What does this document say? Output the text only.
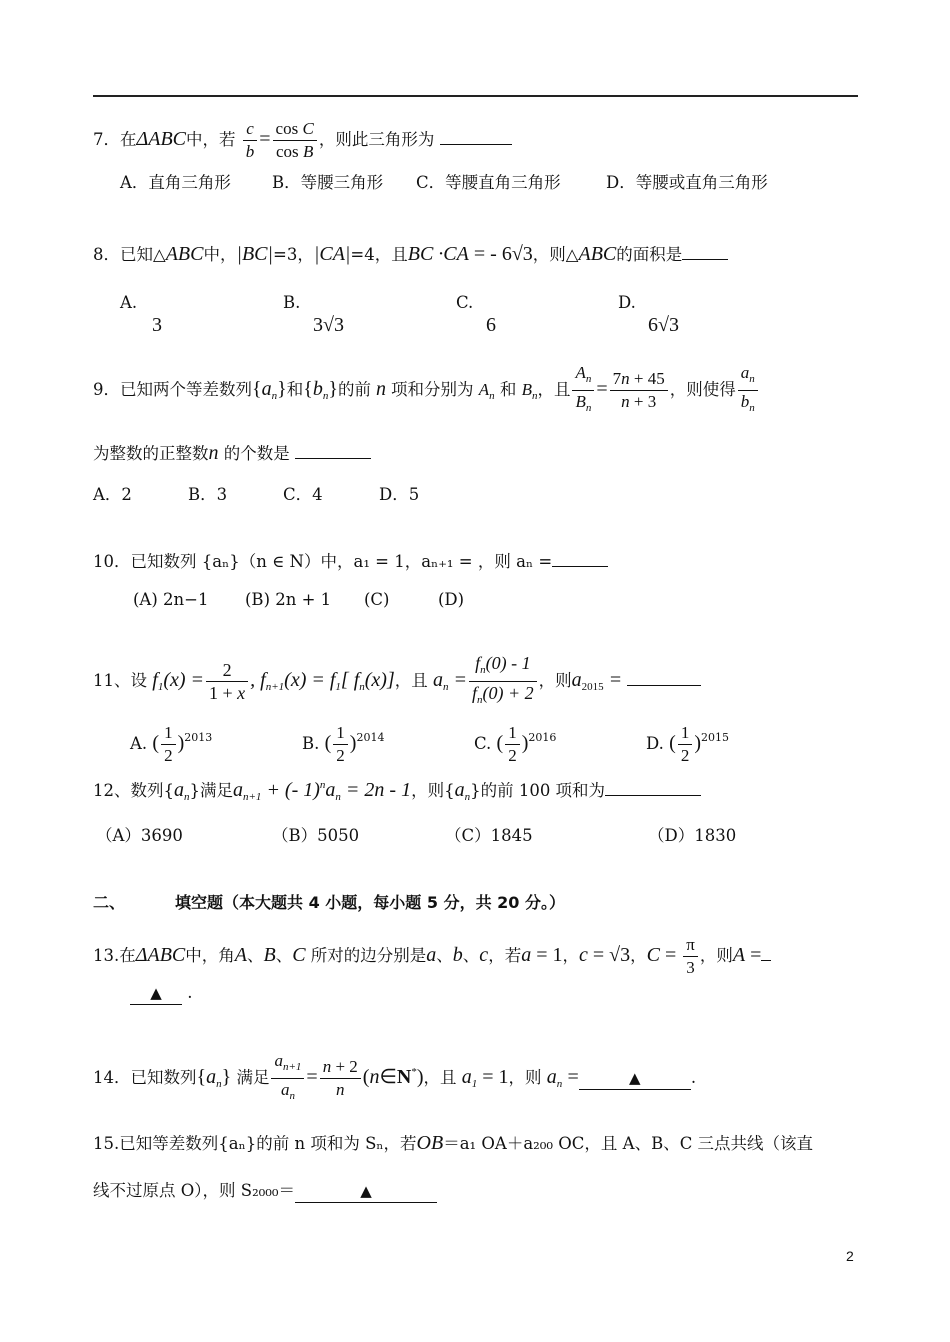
7．在ΔABC中，若 $\frac{c}{b} = \frac{\text{cos C}}{\text{cos B}}$ ，则此三角形为
A．直角三角形 B．等腰三角形 C．等腰直角三角形	D．等腰或直角三角形
8．已知△ABC中，|BC|=3，|CA|=4，且BC ·CA = - 6√3，则△ABC的面积是
A.
3
B.
3√3
C.
6
D.
6√3
9．已知两个等差数列$\{a_n\}$和$\{b_n\}$的前 n 项和分别为 $A_n$ 和 $B_n$，且 $\frac{A_n}{B_n} = \frac{7n + 45}{n + 3}$ ，则使得 $\frac{a_n}{b_n}$
为整数的正整数n 的个数是
A．2	B．3	C．4	D．5
10．已知数列 {aₙ}（n ∈ N）中，a₁ = 1，aₙ₊₁ = ，则 aₙ =
(A) 2n−1 (B) 2n + 1 (C)	(D)
11、设 $f_1(x) = \frac{2}{1 + x}$ , $f_{n+1}(x) = f_1$[ $f_n(x)$]，且 $a_n = \frac{f_n(0) - 1}{f_n(0) + 2}$ ，则$a_{2015}$ =
A. ( $\frac{1}{2} )^{2013}$	B. ( $\frac{1}{2} )^{2014}$	C. ( $\frac{1}{2} )^{2016}$	D. ( $\frac{1}{2} )^{2015}$
12、数列$\{a_n\}$满足$a_{n+1}$ + (- $1)^na_n = 2n - 1$，则$\{a_n\}$的前 100 项和为
（A）3690	（B）5050	（C）1845	（D）1830
二、	填空题（本大题共 4 小题，每小题 5 分，共 20 分。）
13.在ΔABC中，角A、B、C 所对的边分别是a、b、c，若a = 1，c = √3，$C = \frac{\pi}{3}$ ，则A =
▲ .
14．已知数列$\{a_n\}$ 满足 $\frac{a_{n+1}}{a_n} = \frac{n + 2}{n}$ (n∈N*)，且 $a_1 = 1$，则 $a_n$ =	▲	.
15.已知等差数列{aₙ}的前 n 项和为 Sₙ，若OB＝a₁ OA＋a₂₀₀ OC，且 A、B、C 三点共线（该直
线不过原点 O），则 S₂₀₀₀＝	▲
2
